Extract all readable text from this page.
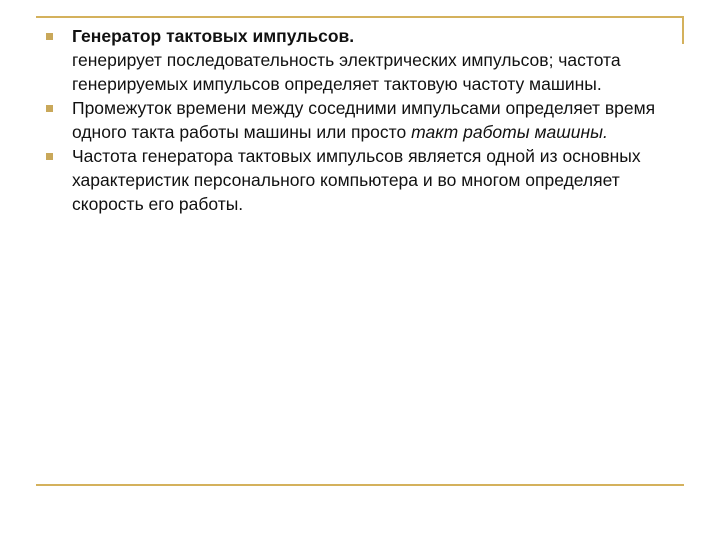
Генератор тактовых импульсов.
генерирует последовательность электрических импульсов; частота генерируемых импульсов определяет тактовую частоту машины.
Промежуток времени между соседними импульсами определяет время одного такта работы машины или просто такт работы машины.
Частота генератора тактовых импульсов является одной из основных характеристик персонального компьютера и во многом определяет скорость его работы.
